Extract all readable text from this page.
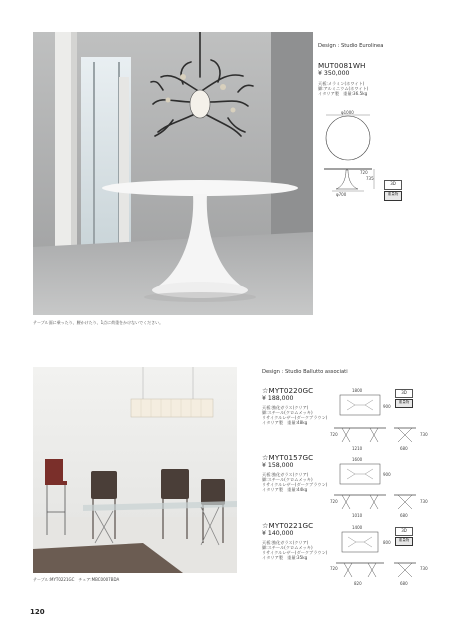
Design : Studio Eurolinea
MUT0081WH
¥ 350,000
天板:メラミン(ホワイト)
脚:アルミニウム(ホワイト)
イタリア製　重量:36.5kg
φ1000
720
735
φ700
3D
重量物
テーブル面に乗ったり、腰かけたり、1点に荷重をかけないでください。
テーブル:MYT0221GC　チェア:MBC0007BDA
Design : Studio Ballutto associati
☆MYT0220GC
¥ 188,000
天板:強化ガラス(クリア)
脚:スチール(クロムメッキ)
リサイクルレザー(ダークブラウン)
イタリア製　重量:48kg
1800
900
720
1210
730
680
3D
重量物
☆MYT0157GC
¥ 158,000
天板:強化ガラス(クリア)
脚:スチール(クロムメッキ)
リサイクルレザー(ダークブラウン)
イタリア製　重量:44kg
1600
900
720
1010
730
680
☆MYT0221GC
¥ 140,000
天板:強化ガラス(クリア)
脚:スチール(クロムメッキ)
リサイクルレザー(ダークブラウン)
イタリア製　重量:35kg
1400
800
720
820
730
680
3D
重量物
120
